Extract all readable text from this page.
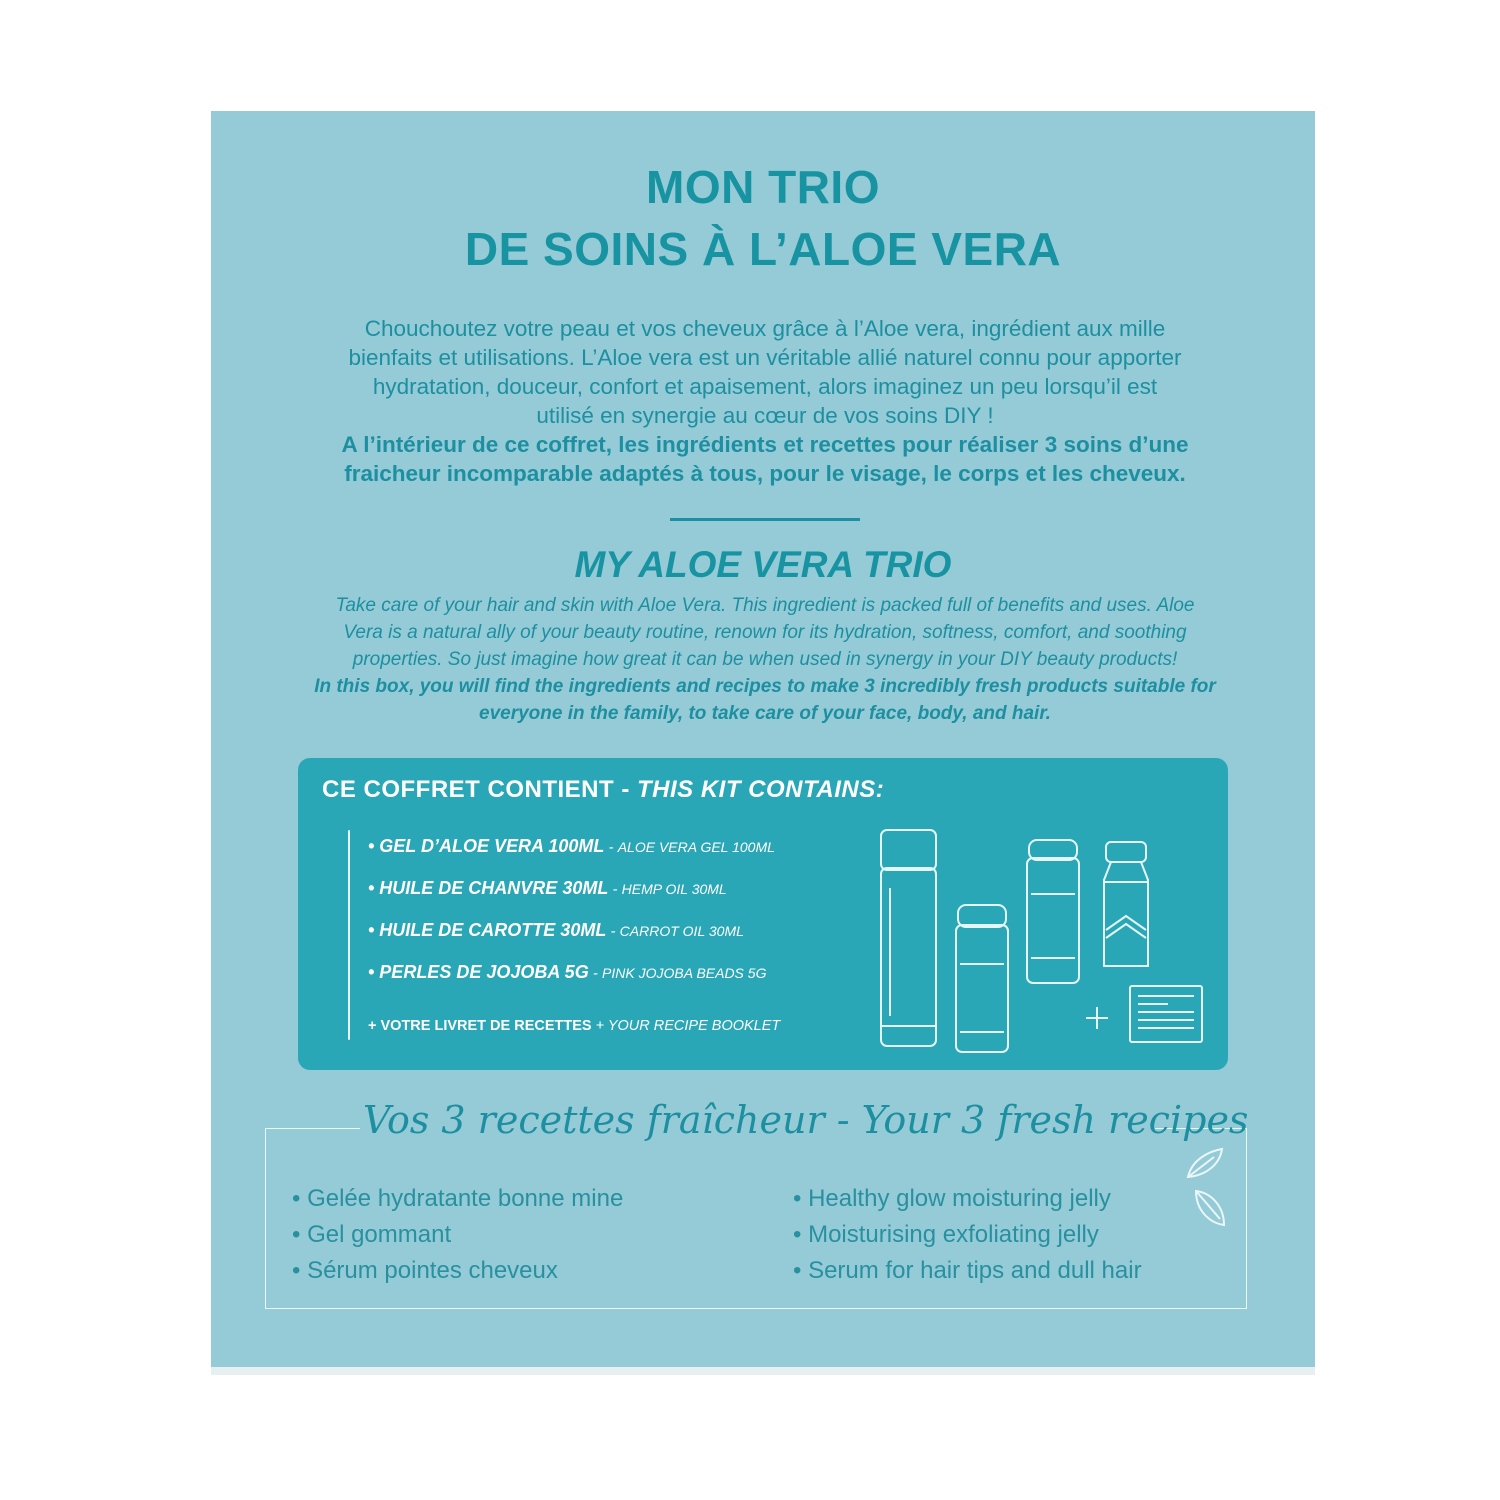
MON TRIO
DE SOINS À L’ALOE VERA
Chouchoutez votre peau et vos cheveux grâce à l’Aloe vera, ingrédient aux mille
bienfaits et utilisations. L’Aloe vera est un véritable allié naturel connu pour apporter
hydratation, douceur, confort et apaisement, alors imaginez un peu lorsqu’il est
utilisé en synergie au cœur de vos soins DIY !
A l’intérieur de ce coffret, les ingrédients et recettes pour réaliser 3 soins d’une
fraicheur incomparable adaptés à tous, pour le visage, le corps et les cheveux.
MY ALOE VERA TRIO
Take care of your hair and skin with Aloe Vera. This ingredient is packed full of benefits and uses. Aloe
Vera is a natural ally of your beauty routine, renown for its hydration, softness, comfort, and soothing
properties. So just imagine how great it can be when used in synergy in your DIY beauty products!
In this box, you will find the ingredients and recipes to make 3 incredibly fresh products suitable for
everyone in the family, to take care of your face, body, and hair.
CE COFFRET CONTIENT - THIS KIT CONTAINS:
• GEL D’ALOE VERA 100ML - ALOE VERA GEL 100ML
• HUILE DE CHANVRE 30ML - HEMP OIL 30ML
• HUILE DE CAROTTE 30ML - CARROT OIL 30ML
• PERLES DE JOJOBA 5G - PINK JOJOBA BEADS 5G
+ VOTRE LIVRET DE RECETTES + YOUR RECIPE BOOKLET
Vos 3 recettes fraîcheur - Your 3 fresh recipes
• Gelée hydratante bonne mine
• Gel gommant
• Sérum pointes cheveux
• Healthy glow moisturing jelly
• Moisturising exfoliating jelly
• Serum for hair tips and dull hair
